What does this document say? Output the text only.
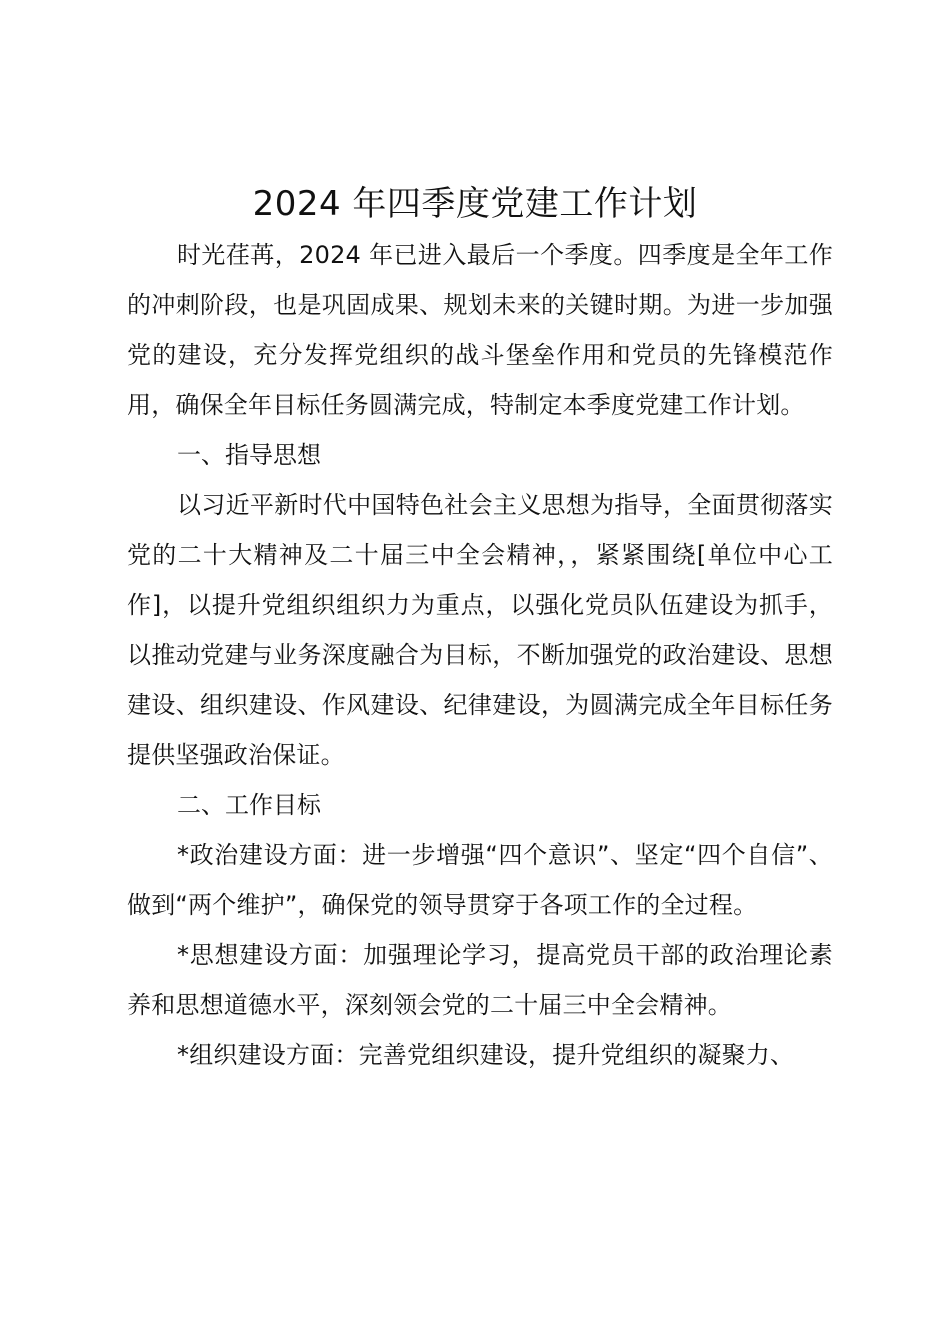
2024 年四季度党建工作计划

时光荏苒，2024 年已进入最后一个季度。四季度是全年工作的冲刺阶段，也是巩固成果、规划未来的关键时期。为进一步加强党的建设，充分发挥党组织的战斗堡垒作用和党员的先锋模范作用，确保全年目标任务圆满完成，特制定本季度党建工作计划。

一、指导思想

以习近平新时代中国特色社会主义思想为指导，全面贯彻落实党的二十大精神及二十届三中全会精神，，紧紧围绕[单位中心工作]，以提升党组织组织力为重点，以强化党员队伍建设为抓手，以推动党建与业务深度融合为目标，不断加强党的政治建设、思想建设、组织建设、作风建设、纪律建设，为圆满完成全年目标任务提供坚强政治保证。

二、工作目标

*政治建设方面：进一步增强“四个意识”、坚定“四个自信”、做到“两个维护”，确保党的领导贯穿于各项工作的全过程。

*思想建设方面：加强理论学习，提高党员干部的政治理论素养和思想道德水平，深刻领会党的二十届三中全会精神。

*组织建设方面：完善党组织建设，提升党组织的凝聚力、
